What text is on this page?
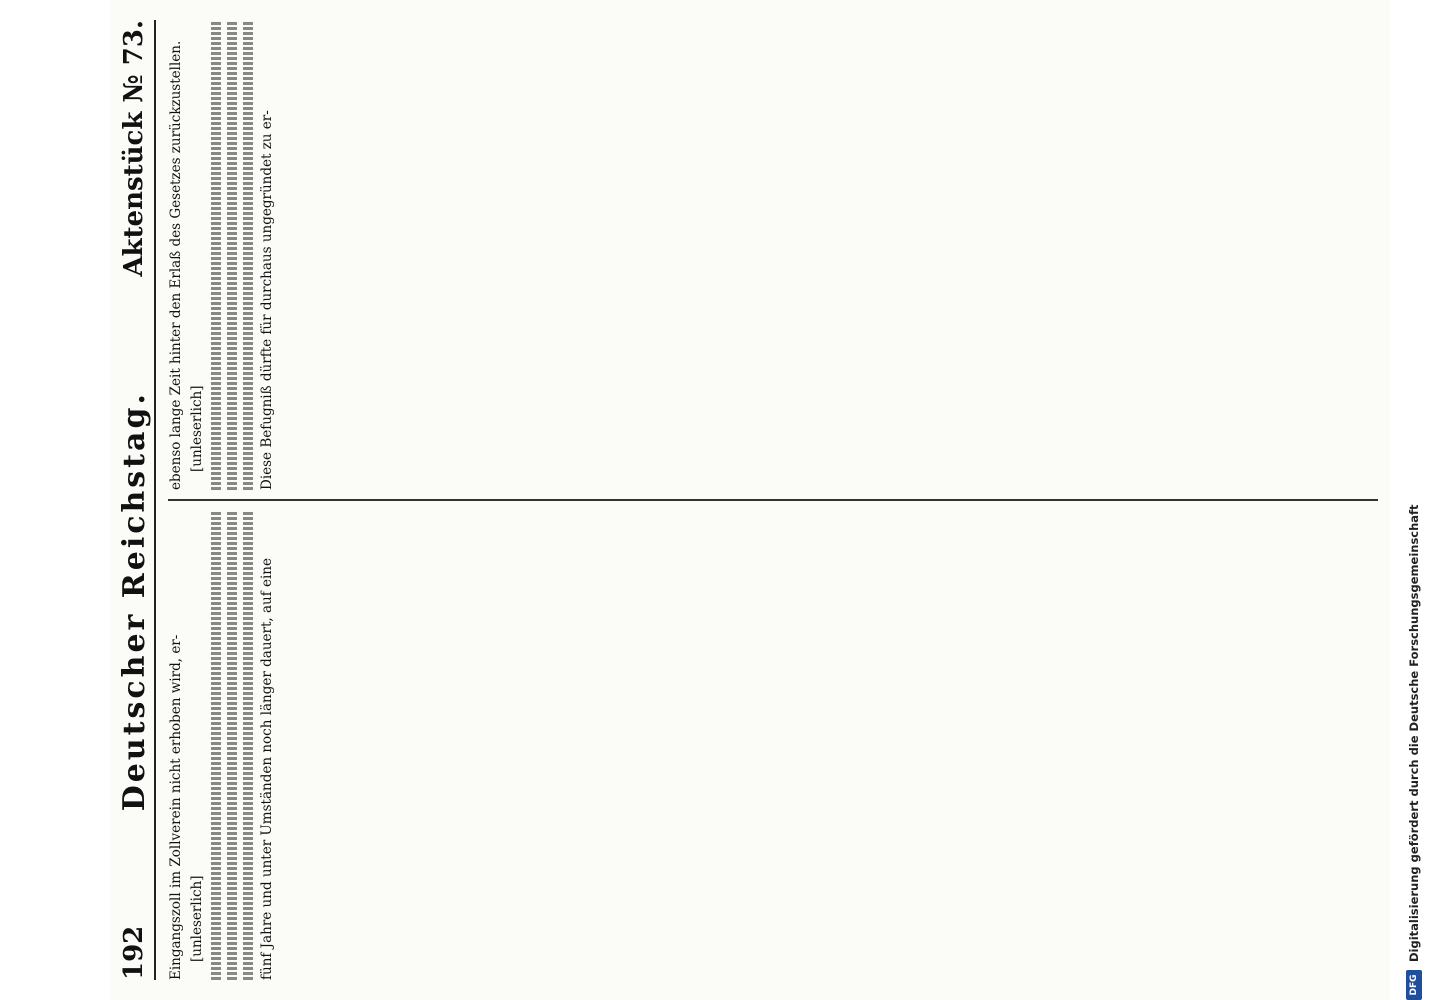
192
Deutscher Reichstag.
Aktenstück № 73.

Eingangszoll im Zollverein nicht erhoben wird, er- [unleserlich]	fünf Jahre und unter Umständen noch länger dauert, auf eine

ebenso lange Zeit hinter den Erlaß des Gesetzes zurückzustellen. [unleserlich]	Diese Befugniß dürfte für durchaus ungegründet zu er-

DFG
Digitalisierung gefördert durch die Deutsche Forschungsgemeinschaft
